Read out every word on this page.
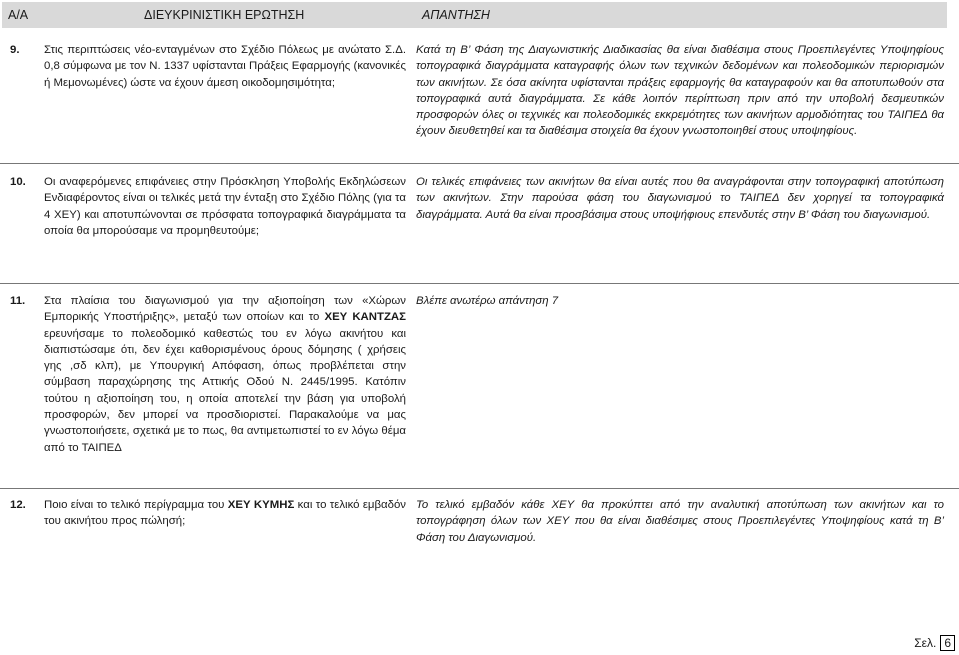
Α/Α	ΔΙΕΥΚΡΙΝΙΣΤΙΚΗ ΕΡΩΤΗΣΗ	ΑΠΑΝΤΗΣΗ
9. Στις περιπτώσεις νέο-ενταγμένων στο Σχέδιο Πόλεως με ανώτατο Σ.Δ. 0,8 σύμφωνα με τον Ν. 1337 υφίστανται Πράξεις Εφαρμογής (κανονικές ή Μεμονωμένες) ώστε να έχουν άμεση οικοδομησιμότητα;

Κατά τη Β’ Φάση της Διαγωνιστικής Διαδικασίας θα είναι διαθέσιμα στους Προεπιλεγέντες Υποψηφίους τοπογραφικά διαγράμματα καταγραφής όλων των τεχνικών δεδομένων και πολεοδομικών περιορισμών των ακινήτων. Σε όσα ακίνητα υφίστανται πράξεις εφαρμογής θα καταγραφούν και θα αποτυπωθούν στα τοπογραφικά αυτά διαγράμματα. Σε κάθε λοιπόν περίπτωση πριν από την υποβολή δεσμευτικών προσφορών όλες οι τεχνικές και πολεοδομικές εκκρεμότητες των ακινήτων αρμοδιότητας του ΤΑΙΠΕΔ θα έχουν διευθετηθεί και τα διαθέσιμα στοιχεία θα έχουν γνωστοποιηθεί στους υποψηφίους.

10. Οι αναφερόμενες επιφάνειες στην Πρόσκληση Υποβολής Εκδηλώσεων Ενδιαφέροντος είναι οι τελικές μετά την ένταξη στο Σχέδιο Πόλης (για τα 4 ΧΕΥ) και αποτυπώνονται σε πρόσφατα τοπογραφικά διαγράμματα τα οποία θα μπορούσαμε να προμηθευτούμε;

Οι τελικές επιφάνειες των ακινήτων θα είναι αυτές που θα αναγράφονται στην τοπογραφική αποτύπωση των ακινήτων. Στην παρούσα φάση του διαγωνισμού το ΤΑΙΠΕΔ δεν χορηγεί τα τοπογραφικά διαγράμματα. Αυτά θα είναι προσβάσιμα στους υποψήφιους επενδυτές στην Β’ Φάση του διαγωνισμού.

11. Στα πλαίσια του διαγωνισμού για την αξιοποίηση των «Χώρων Εμπορικής Υποστήριξης», μεταξύ των οποίων και το ΧΕΥ ΚΑΝΤΖΑΣ ερευνήσαμε το πολεοδομικό καθεστώς του εν λόγω ακινήτου και διαπιστώσαμε ότι, δεν έχει καθορισμένους όρους δόμησης ( χρήσεις γης ,σδ κλπ), με Υπουργική Απόφαση, όπως προβλέπεται στην σύμβαση παραχώρησης της Αττικής Οδού Ν. 2445/1995. Κατόπιν τούτου η αξιοποίηση του, η οποία αποτελεί την βάση για υποβολή προσφορών, δεν μπορεί να προσδιοριστεί. Παρακαλούμε να μας γνωστοποιήσετε, σχετικά με το πως, θα αντιμετωπιστεί το εν λόγω θέμα από το ΤΑΙΠΕΔ

Βλέπε ανωτέρω απάντηση 7

12. Ποιο είναι το τελικό περίγραμμα του ΧΕΥ ΚΥΜΗΣ και το τελικό εμβαδόν του ακινήτου προς πώλησή;

Το τελικό εμβαδόν κάθε ΧΕΥ θα προκύπτει από την αναλυτική αποτύπωση των ακινήτων και το τοπογράφηση όλων των ΧΕΥ που θα είναι διαθέσιμες στους Προεπιλεγέντες Υποψηφίους κατά τη Β’ Φάση του Διαγωνισμού.

Σελ. 6
